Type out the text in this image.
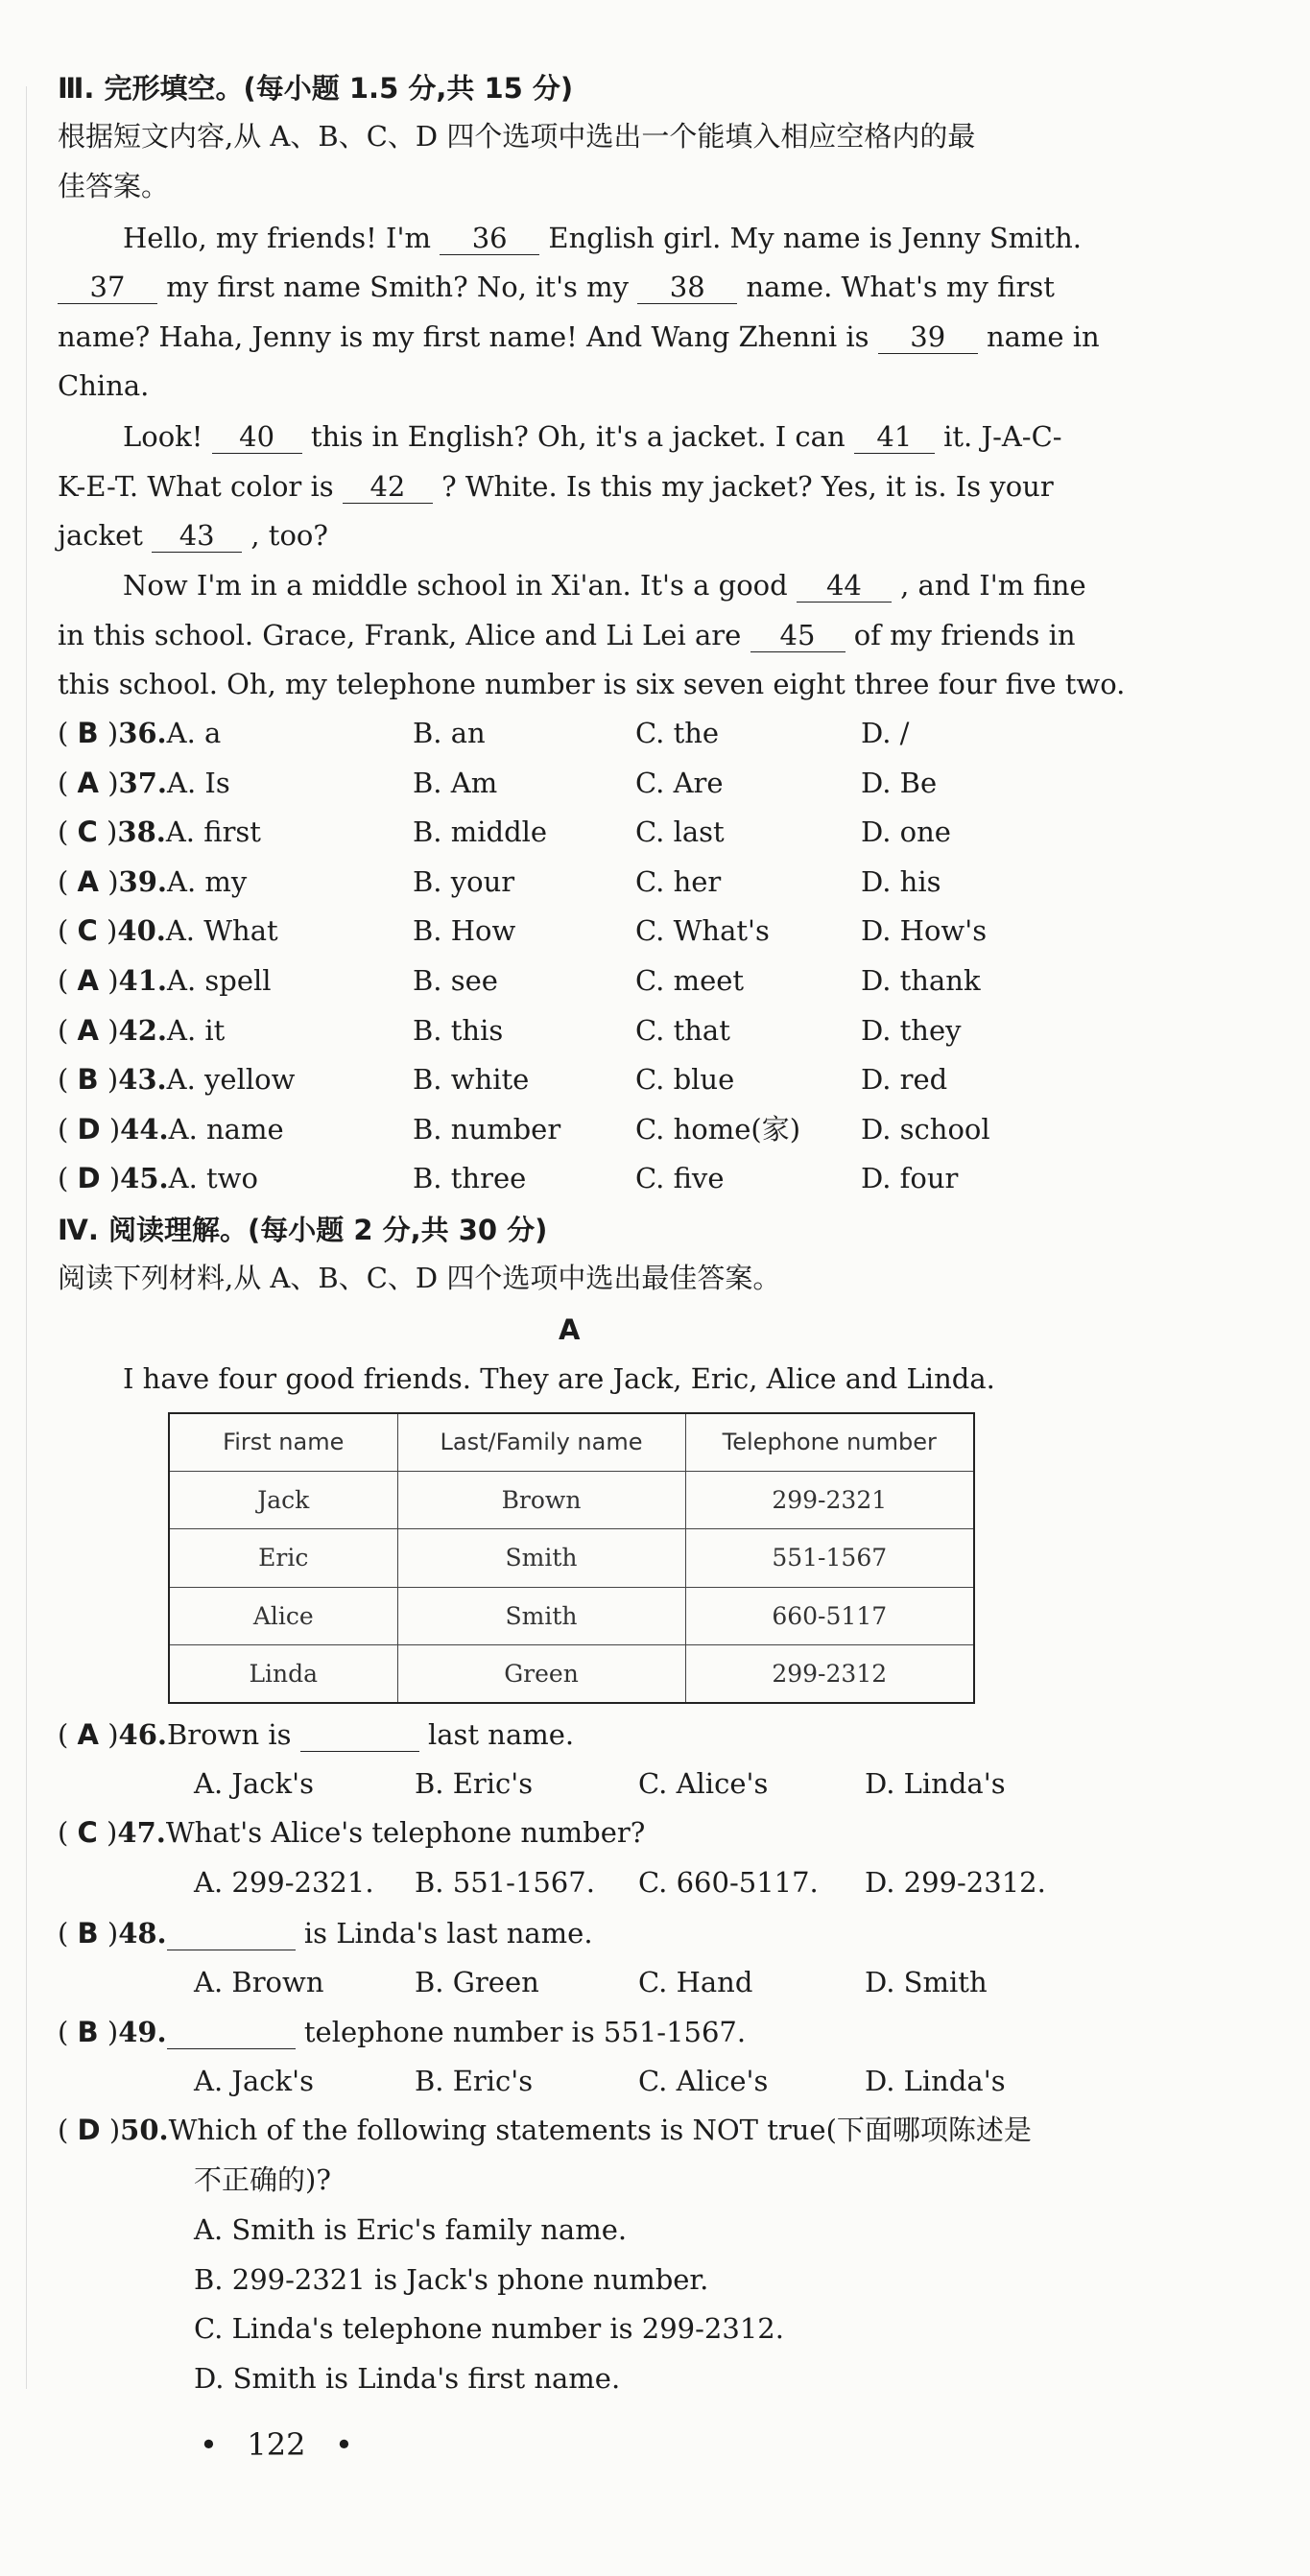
Ⅲ. 完形填空。(每小题 1.5 分,共 15 分)
根据短文内容,从 A、B、C、D 四个选项中选出一个能填入相应空格内的最
佳答案。
Hello, my friends! I'm 36 English girl. My name is Jenny Smith.
37 my first name Smith? No, it's my 38 name. What's my first
name? Haha, Jenny is my first name! And Wang Zhenni is 39 name in
China.
Look! 40 this in English? Oh, it's a jacket. I can 41 it. J-A-C-
K-E-T. What color is 42 ? White. Is this my jacket? Yes, it is. Is your
jacket 43 , too?
Now I'm in a middle school in Xi'an. It's a good 44 , and I'm fine
in this school. Grace, Frank, Alice and Li Lei are 45 of my friends in
this school. Oh, my telephone number is six seven eight three four five two.
( B )36.A. a	B. an	C. the	D. /
( A )37.A. Is	B. Am	C. Are	D. Be
( C )38.A. first	B. middle	C. last	D. one
( A )39.A. my	B. your	C. her	D. his
( C )40.A. What	B. How	C. What's	D. How's
( A )41.A. spell	B. see	C. meet	D. thank
( A )42.A. it	B. this	C. that	D. they
( B )43.A. yellow	B. white	C. blue	D. red
( D )44.A. name	B. number	C. home(家) D. school
( D )45.A. two	B. three	C. five	D. four
Ⅳ. 阅读理解。(每小题 2 分,共 30 分)
阅读下列材料,从 A、B、C、D 四个选项中选出最佳答案。
A
I have four good friends. They are Jack, Eric, Alice and Linda.
First name	Last/Family name	Telephone number
Jack	Brown	299-2321
Eric	Smith	551-1567
Alice	Smith	660-5117
Linda	Green	299-2312
( A )46.Brown is	last name.
A. Jack's	B. Eric's	C. Alice's	D. Linda's
( C )47.What's Alice's telephone number?
A. 299-2321. B. 551-1567. C. 660-5117. D. 299-2312.
( B )48.	is Linda's last name.
A. Brown	B. Green	C. Hand	D. Smith
( B )49.	telephone number is 551-1567.
A. Jack's	B. Eric's	C. Alice's	D. Linda's
( D )50.Which of the following statements is NOT true(下面哪项陈述是
不正确的)?
A. Smith is Eric's family name.
B. 299-2321 is Jack's phone number.
C. Linda's telephone number is 299-2312.
D. Smith is Linda's first name.
•   122   •
